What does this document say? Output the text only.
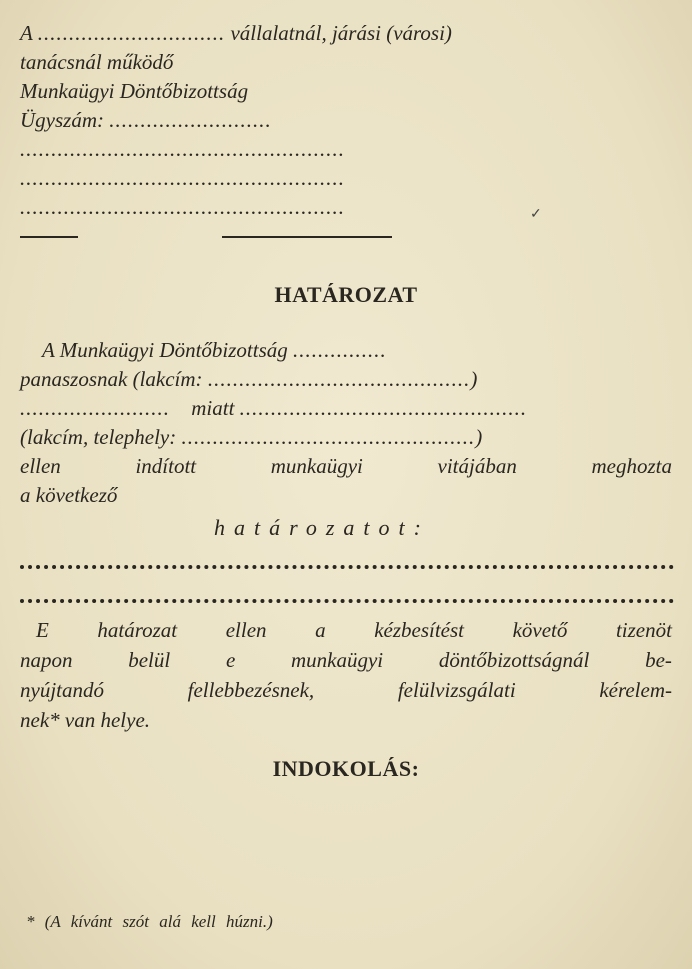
A .............................. vállalatnál, járási (városi)
tanácsnál működő
Munkaügyi Döntőbizottság
Ügyszám: ..........................
....................................................
....................................................
....................................................	✓
HATÁROZAT
A Munkaügyi Döntőbizottság ...............
panaszosnak (lakcím: ..........................................)
........................ miatt ..............................................
(lakcím, telephely: ...............................................)
ellen	indított	munkaügyi	vitájában	meghozta
a következő
határozatot:
E határozat ellen a kézbesítést követő tizenöt
napon	belül	e	munkaügyi	döntőbizottságnál	be-
nyújtandó	fellebbezésnek,	felülvizsgálati	kérelem-
nek* van helye.
INDOKOLÁS:
* (A kívánt szót alá kell húzni.)
